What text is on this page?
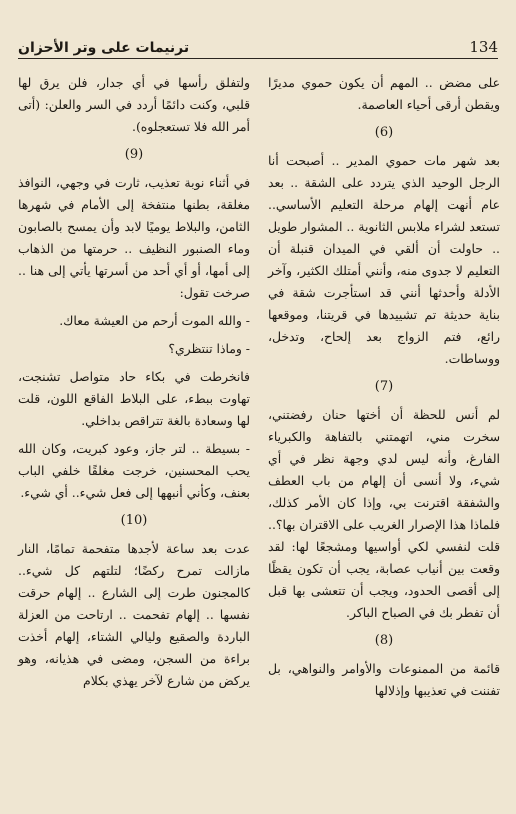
ترنيمات على وتر الأحزان	134
ولتفلق رأسها في أي جدار، فلن يرق لها قلبي، وكنت دائمًا أردد في السر والعلن: (أتى أمر الله فلا تستعجلوه).
(9)
في أثناء نوبة تعذيب، ثارت في وجهي، النوافذ مغلقة، بطنها منتفخة إلى الأمام في شهرها الثامن، والبلاط يوميًا لابد وأن يمسح بالصابون وماء الصنبور النظيف .. حرمتها من الذهاب إلى أمها، أو أي أحد من أسرتها يأتي إلى هنا .. صرخت تقول:
- والله الموت أرحم من العيشة معاك.
- وماذا تنتظري؟
فانخرطت في بكاء حاد متواصل تشنجت، تهاوت ببطء، على البلاط الفاقع اللون، قلت لها وسعادة بالغة تتراقص بداخلي.
- بسيطة .. لتر جاز، وعود كبريت، وكان الله يحب المحسنين، خرجت مغلقًا خلفي الباب بعنف، وكأني أنبهها إلى فعل شيء.. أي شيء.
(10)
عدت بعد ساعة لأجدها متفحمة تمامًا، النار مازالت تمرح ركضًا؛ لتلتهم كل شيء.. كالمجنون طرت إلى الشارع .. إلهام حرقت نفسها .. إلهام تفحمت .. ارتاحت من العزلة الباردة والصقيع وليالي الشتاء، إلهام أخذت براءة من السجن، ومضى في هذيانه، وهو يركض من شارع لآخر يهذي بكلام
على مضض .. المهم أن يكون حموي مديرًا ويقطن أرقى أحياء العاصمة.
(6)
بعد شهر مات حموي المدير .. أصبحت أنا الرجل الوحيد الذي يتردد على الشقة .. بعد عام أنهت إلهام مرحلة التعليم الأساسي.. تستعد لشراء ملابس الثانوية .. المشوار طويل .. حاولت أن ألقي في الميدان قنبلة أن التعليم لا جدوى منه، وأنني أمتلك الكثير، وآخر الأدلة وأحدثها أنني قد استأجرت شقة في بناية حديثة تم تشييدها في قريتنا، وموقعها رائع، فتم الزواج بعد إلحاح، وتدخل، ووساطات.
(7)
لم أنس للحظة أن أختها حنان رفضتني، سخرت مني، اتهمتني بالتفاهة والكبرياء الفارغ، وأنه ليس لدي وجهة نظر في أي شيء، ولا أنسى أن إلهام من باب العطف والشفقة اقترنت بي، وإذا كان الأمر كذلك، فلماذا هذا الإصرار الغريب على الاقتران بها؟.. قلت لنفسي لكي أواسيها ومشجعًا لها: لقد وقعت بين أنياب عصابة، يجب أن تكون يقظًا إلى أقصى الحدود، ويجب أن تتعشى بها قبل أن تفطر بك في الصباح الباكر.
(8)
قائمة من الممنوعات والأوامر والنواهي، بل تفننت في تعذيبها وإذلالها
